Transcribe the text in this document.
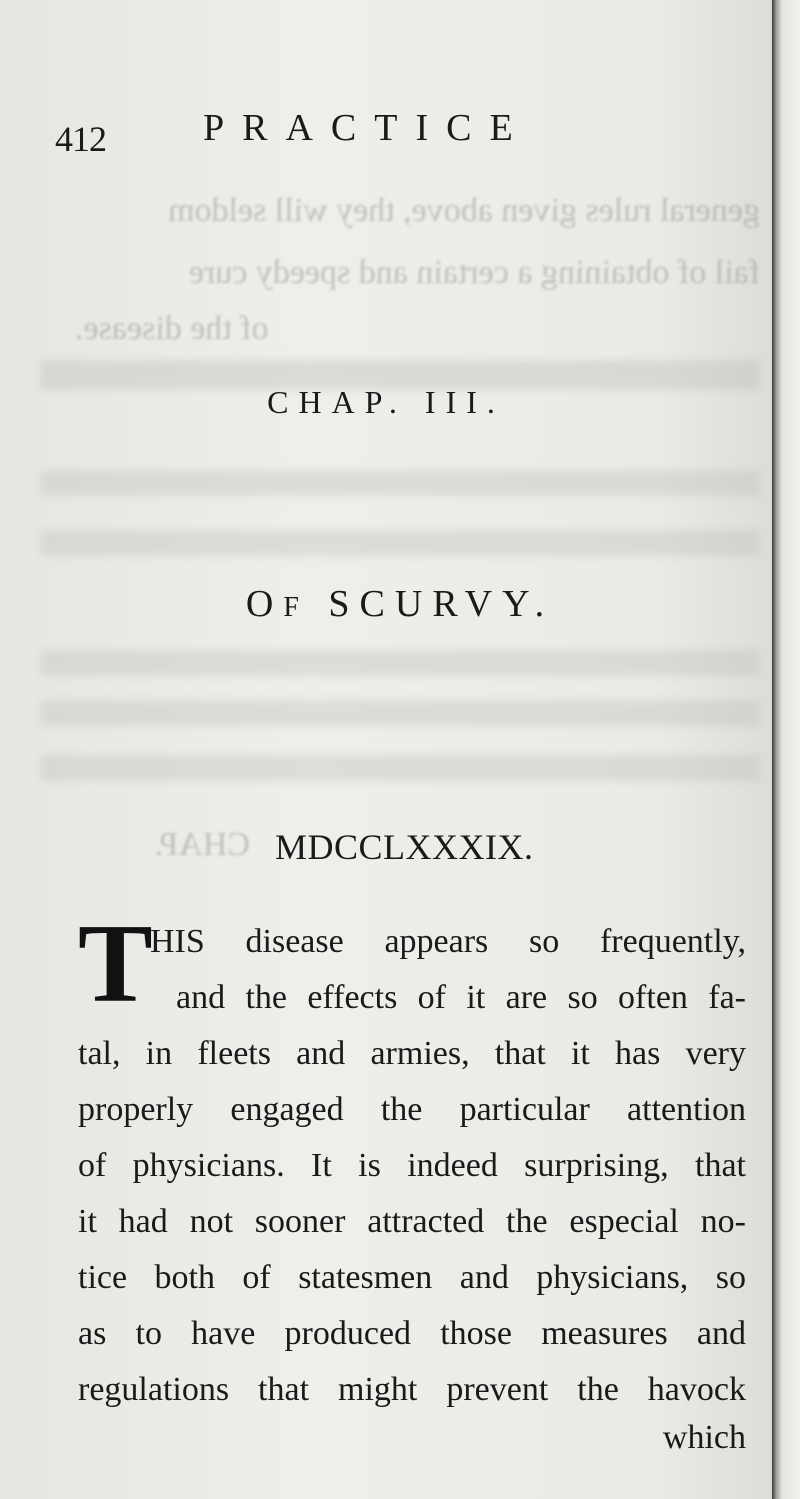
general rules given above, they will seldom
fail of obtaining a certain and speedy cure
of the disease.
CHAP.
412	PRACTICE
CHAP. III.
OF SCURVY.
MDCCLXXXIX.
T
HIS disease appears so frequently,
and the effects of it are so often fa-
tal, in fleets and armies, that it has very
properly engaged the particular attention
of physicians. It is indeed surprising, that
it had not sooner attracted the especial no-
tice both of statesmen and physicians, so
as to have produced those measures and
regulations that might prevent the havock
which
